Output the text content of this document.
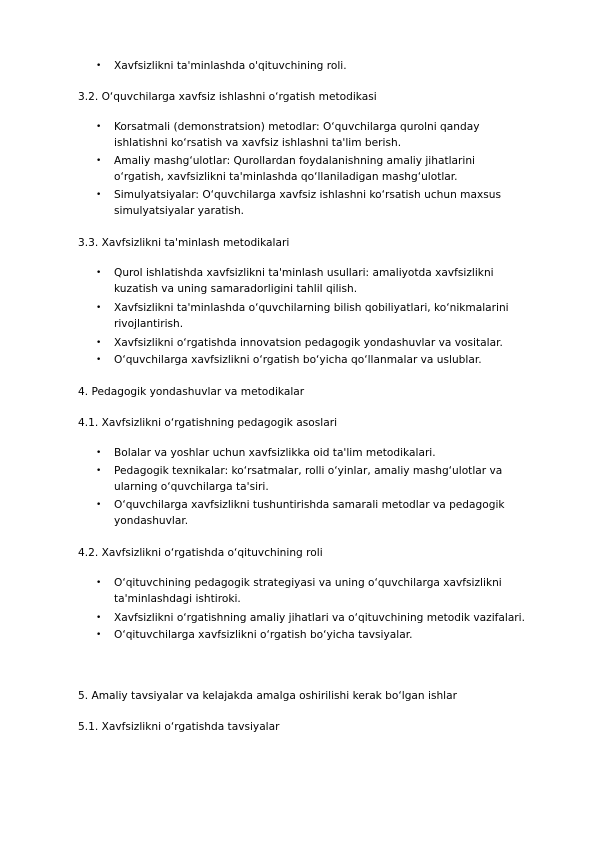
• Xavfsizlikni ta'minlashda o'qituvchining roli.
3.2. O‘quvchilarga xavfsiz ishlashni o‘rgatish metodikasi
• Korsatmali (demonstratsion) metodlar: O‘quvchilarga qurolni qanday
ishlatishni ko‘rsatish va xavfsiz ishlashni ta'lim berish.
• Amaliy mashg‘ulotlar: Qurollardan foydalanishning amaliy jihatlarini
o‘rgatish, xavfsizlikni ta'minlashda qo‘llaniladigan mashg‘ulotlar.
• Simulyatsiyalar: O‘quvchilarga xavfsiz ishlashni ko‘rsatish uchun maxsus
simulyatsiyalar yaratish.
3.3. Xavfsizlikni ta'minlash metodikalari
• Qurol ishlatishda xavfsizlikni ta'minlash usullari: amaliyotda xavfsizlikni
kuzatish va uning samaradorligini tahlil qilish.
• Xavfsizlikni ta'minlashda o‘quvchilarning bilish qobiliyatlari, ko‘nikmalarini
rivojlantirish.
• Xavfsizlikni o‘rgatishda innovatsion pedagogik yondashuvlar va vositalar.
• O‘quvchilarga xavfsizlikni o‘rgatish bo‘yicha qo‘llanmalar va uslublar.
4. Pedagogik yondashuvlar va metodikalar
4.1. Xavfsizlikni o‘rgatishning pedagogik asoslari
• Bolalar va yoshlar uchun xavfsizlikka oid ta'lim metodikalari.
• Pedagogik texnikalar: ko‘rsatmalar, rolli o‘yinlar, amaliy mashg‘ulotlar va
ularning o‘quvchilarga ta'siri.
• O‘quvchilarga xavfsizlikni tushuntirishda samarali metodlar va pedagogik
yondashuvlar.
4.2. Xavfsizlikni o‘rgatishda o‘qituvchining roli
• O‘qituvchining pedagogik strategiyasi va uning o‘quvchilarga xavfsizlikni
ta'minlashdagi ishtiroki.
• Xavfsizlikni o‘rgatishning amaliy jihatlari va o‘qituvchining metodik vazifalari.
• O‘qituvchilarga xavfsizlikni o‘rgatish bo‘yicha tavsiyalar.
5. Amaliy tavsiyalar va kelajakda amalga oshirilishi kerak bo‘lgan ishlar
5.1. Xavfsizlikni o‘rgatishda tavsiyalar
